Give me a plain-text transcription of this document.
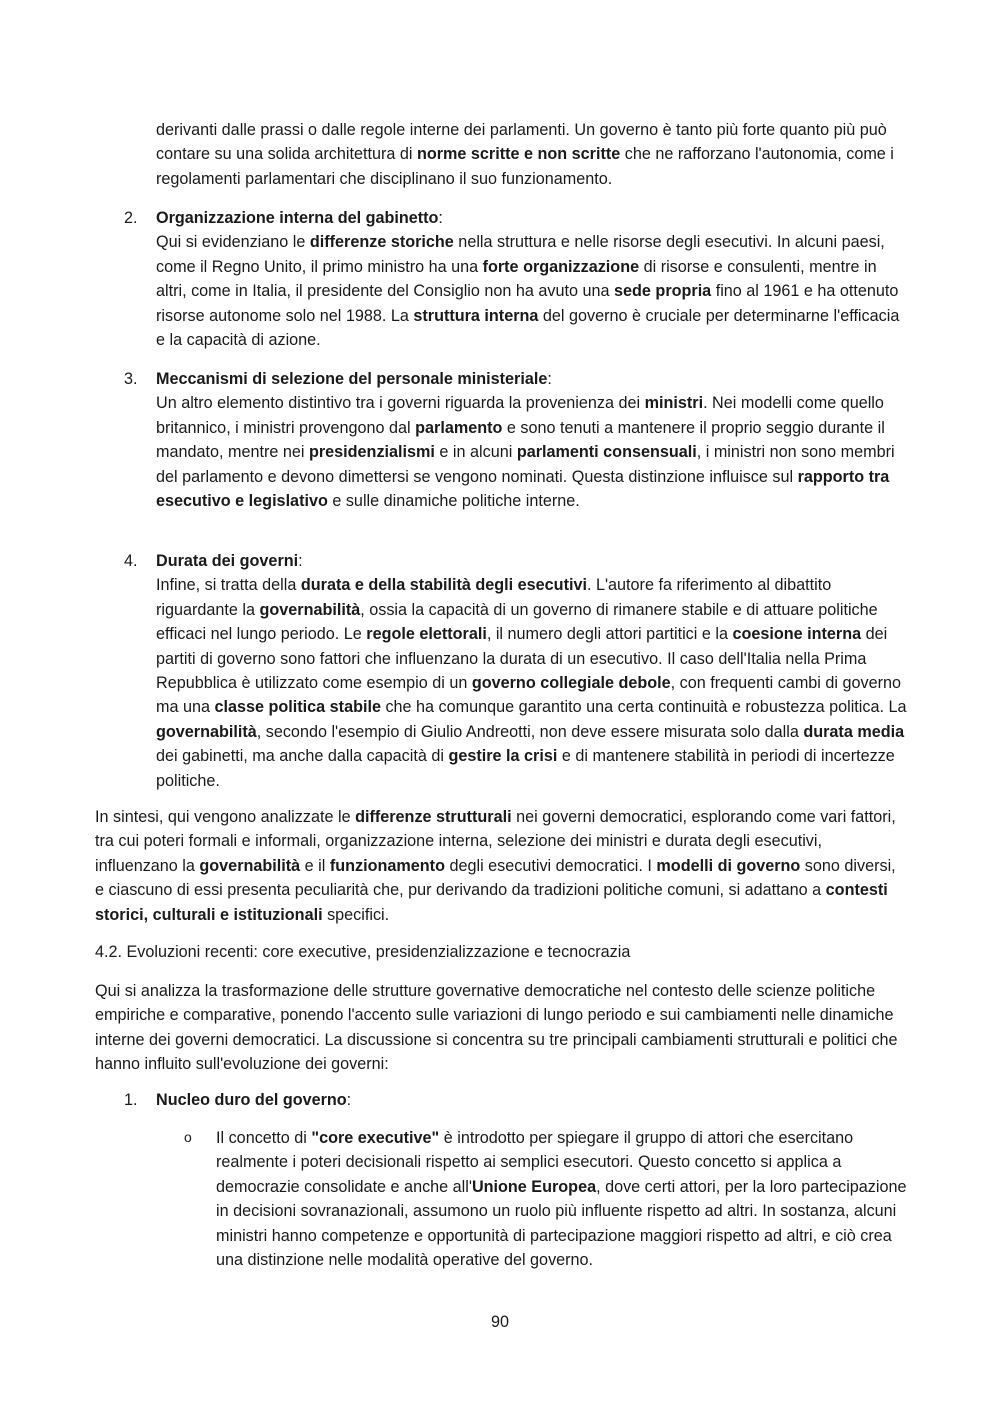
derivanti dalle prassi o dalle regole interne dei parlamenti. Un governo è tanto più forte quanto più può contare su una solida architettura di norme scritte e non scritte che ne rafforzano l'autonomia, come i regolamenti parlamentari che disciplinano il suo funzionamento.

2. Organizzazione interna del gabinetto:

Qui si evidenziano le differenze storiche nella struttura e nelle risorse degli esecutivi. In alcuni paesi, come il Regno Unito, il primo ministro ha una forte organizzazione di risorse e consulenti, mentre in altri, come in Italia, il presidente del Consiglio non ha avuto una sede propria fino al 1961 e ha ottenuto risorse autonome solo nel 1988. La struttura interna del governo è cruciale per determinarne l'efficacia e la capacità di azione.

3. Meccanismi di selezione del personale ministeriale:

Un altro elemento distintivo tra i governi riguarda la provenienza dei ministri. Nei modelli come quello britannico, i ministri provengono dal parlamento e sono tenuti a mantenere il proprio seggio durante il mandato, mentre nei presidenzialismi e in alcuni parlamenti consensuali, i ministri non sono membri del parlamento e devono dimettersi se vengono nominati. Questa distinzione influisce sul rapporto tra esecutivo e legislativo e sulle dinamiche politiche interne.

4. Durata dei governi:

Infine, si tratta della durata e della stabilità degli esecutivi. L'autore fa riferimento al dibattito riguardante la governabilità, ossia la capacità di un governo di rimanere stabile e di attuare politiche efficaci nel lungo periodo. Le regole elettorali, il numero degli attori partitici e la coesione interna dei partiti di governo sono fattori che influenzano la durata di un esecutivo. Il caso dell'Italia nella Prima Repubblica è utilizzato come esempio di un governo collegiale debole, con frequenti cambi di governo ma una classe politica stabile che ha comunque garantito una certa continuità e robustezza politica. La governabilità, secondo l'esempio di Giulio Andreotti, non deve essere misurata solo dalla durata media dei gabinetti, ma anche dalla capacità di gestire la crisi e di mantenere stabilità in periodi di incertezze politiche.

In sintesi, qui vengono analizzate le differenze strutturali nei governi democratici, esplorando come vari fattori, tra cui poteri formali e informali, organizzazione interna, selezione dei ministri e durata degli esecutivi, influenzano la governabilità e il funzionamento degli esecutivi democratici. I modelli di governo sono diversi, e ciascuno di essi presenta peculiarità che, pur derivando da tradizioni politiche comuni, si adattano a contesti storici, culturali e istituzionali specifici.

4.2. Evoluzioni recenti: core executive, presidenzializzazione e tecnocrazia

Qui si analizza la trasformazione delle strutture governative democratiche nel contesto delle scienze politiche empiriche e comparative, ponendo l'accento sulle variazioni di lungo periodo e sui cambiamenti nelle dinamiche interne dei governi democratici. La discussione si concentra su tre principali cambiamenti strutturali e politici che hanno influito sull'evoluzione dei governi:

1. Nucleo duro del governo:

o Il concetto di "core executive" è introdotto per spiegare il gruppo di attori che esercitano realmente i poteri decisionali rispetto ai semplici esecutori. Questo concetto si applica a democrazie consolidate e anche all'Unione Europea, dove certi attori, per la loro partecipazione in decisioni sovranazionali, assumono un ruolo più influente rispetto ad altri. In sostanza, alcuni ministri hanno competenze e opportunità di partecipazione maggiori rispetto ad altri, e ciò crea una distinzione nelle modalità operative del governo.

90
